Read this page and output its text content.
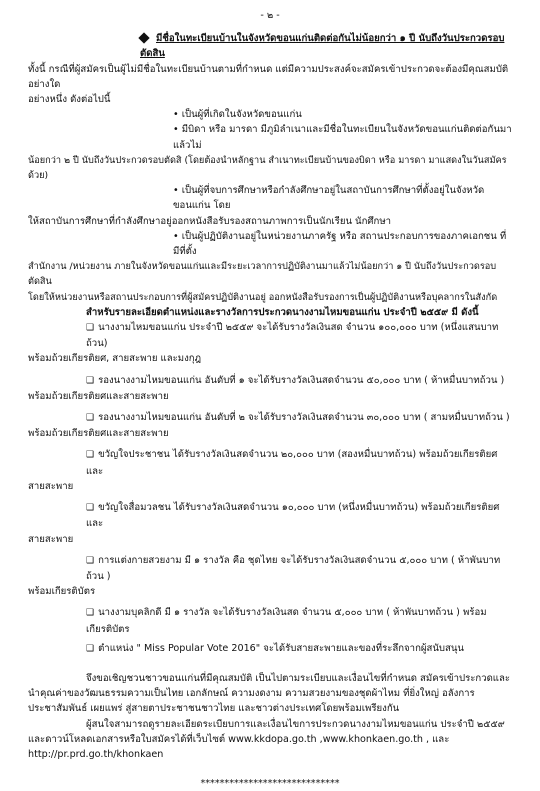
- ๒ -

มีชื่อในทะเบียนบ้านในจังหวัดขอนแก่นติดต่อกันไม่น้อยกว่า ๑ ปี นับถึงวันประกวดรอบตัดสิน

ทั้งนี้ กรณีที่ผู้สมัครเป็นผู้ไม่มีชื่อในทะเบียนบ้านตามที่กำหนด แต่มีความประสงค์จะสมัครเข้าประกวดจะต้องมีคุณสมบัติอย่างใด

อย่างหนึ่ง ดังต่อไปนี้

• เป็นผู้ที่เกิดในจังหวัดขอนแก่น

• มีบิดา หรือ มารดา มีภูมิลำเนาและมีชื่อในทะเบียนในจังหวัดขอนแก่นติดต่อกันมาแล้วไม่

น้อยกว่า ๒ ปี นับถึงวันประกวดรอบตัดสิ (โดยต้องนำหลักฐาน สำเนาทะเบียนบ้านของบิดา หรือ มารดา มาแสดงในวันสมัครด้วย)

• เป็นผู้ที่จบการศึกษาหรือกำลังศึกษาอยู่ในสถาบันการศึกษาที่ตั้งอยู่ในจังหวัดขอนแก่น โดย

ให้สถาบันการศึกษาที่กำลังศึกษาอยู่ออกหนังสือรับรองสถานภาพการเป็นนักเรียน นักศึกษา

• เป็นผู้ปฏิบัติงานอยู่ในหน่วยงานภาครัฐ หรือ สถานประกอบการของภาคเอกชน ที่มีที่ตั้ง

สำนักงาน /หน่วยงาน ภายในจังหวัดขอนแก่นและมีระยะเวลาการปฏิบัติงานมาแล้วไม่น้อยกว่า ๑ ปี นับถึงวันประกวดรอบตัดสิน

โดยให้หน่วยงานหรือสถานประกอบการที่ผู้สมัครปฏิบัติงานอยู่ ออกหนังสือรับรองการเป็นผู้ปฏิบัติงานหรือบุคลากรในสังกัด

สำหรับรายละเอียดตำแหน่งและรางวัลการประกวดนางงามไหมขอนแก่น ประจำปี ๒๕๕๙ มี ดังนี้

❑ นางงามไหมขอนแก่น ประจำปี ๒๕๕๙ จะได้รับรางวัลเงินสด จำนวน ๑๐๐,๐๐๐ บาท (หนึ่งแสนบาทถ้วน)

พร้อมถ้วยเกียรติยศ, สายสะพาย และมงกุฎ

❑ รองนางงามไหมขอนแก่น อันดับที่ ๑ จะได้รับรางวัลเงินสดจำนวน ๕๐,๐๐๐ บาท ( ห้าหมื่นบาทถ้วน )

พร้อมถ้วยเกียรติยศและสายสะพาย

❑ รองนางงามไหมขอนแก่น อันดับที่ ๒ จะได้รับรางวัลเงินสดจำนวน ๓๐,๐๐๐ บาท ( สามหมื่นบาทถ้วน )

พร้อมถ้วยเกียรติยศและสายสะพาย

❑ ขวัญใจประชาชน ได้รับรางวัลเงินสดจำนวน ๒๐,๐๐๐ บาท (สองหมื่นบาทถ้วน) พร้อมถ้วยเกียรติยศและ

สายสะพาย

❑ ขวัญใจสื่อมวลชน ได้รับรางวัลเงินสดจำนวน ๑๐,๐๐๐ บาท (หนึ่งหมื่นบาทถ้วน) พร้อมถ้วยเกียรติยศและ

สายสะพาย

❑ การแต่งกายสวยงาม มี ๑ รางวัล คือ ชุดไทย จะได้รับรางวัลเงินสดจำนวน ๕,๐๐๐ บาท ( ห้าพันบาทถ้วน )

พร้อมเกียรติบัตร

❑ นางงามบุคลิกดี มี ๑ รางวัล จะได้รับรางวัลเงินสด จำนวน ๕,๐๐๐ บาท ( ห้าพันบาทถ้วน ) พร้อมเกียรติบัตร

❑ ตำแหน่ง " Miss Popular Vote 2016" จะได้รับสายสะพายและของที่ระลึกจากผู้สนับสนุน

จึงขอเชิญชวนชาวขอนแก่นที่มีคุณสมบัติ เป็นไปตามระเบียบและเงื่อนไขที่กำหนด สมัครเข้าประกวดและ

นำคุณค่าของวัฒนธรรมความเป็นไทย เอกลักษณ์ ความงดงาม ความสวยงามของชุดผ้าไหม ที่ยิ่งใหญ่ อลังการ

ประชาสัมพันธ์ เผยแพร่ สู่สายตาประชาชนชาวไทย และชาวต่างประเทศโดยพร้อมเพรียงกัน

ผู้สนใจสามารถดูรายละเอียดระเบียบการและเงื่อนไขการประกวดนางงามไหมขอนแก่น ประจำปี ๒๕๕๙

และดาวน์โหลดเอกสารหรือใบสมัครได้ที่เว็บไซต์ www.kkdopa.go.th ,www.khonkaen.go.th , และ

http://pr.prd.go.th/khonkaen

*****************************
